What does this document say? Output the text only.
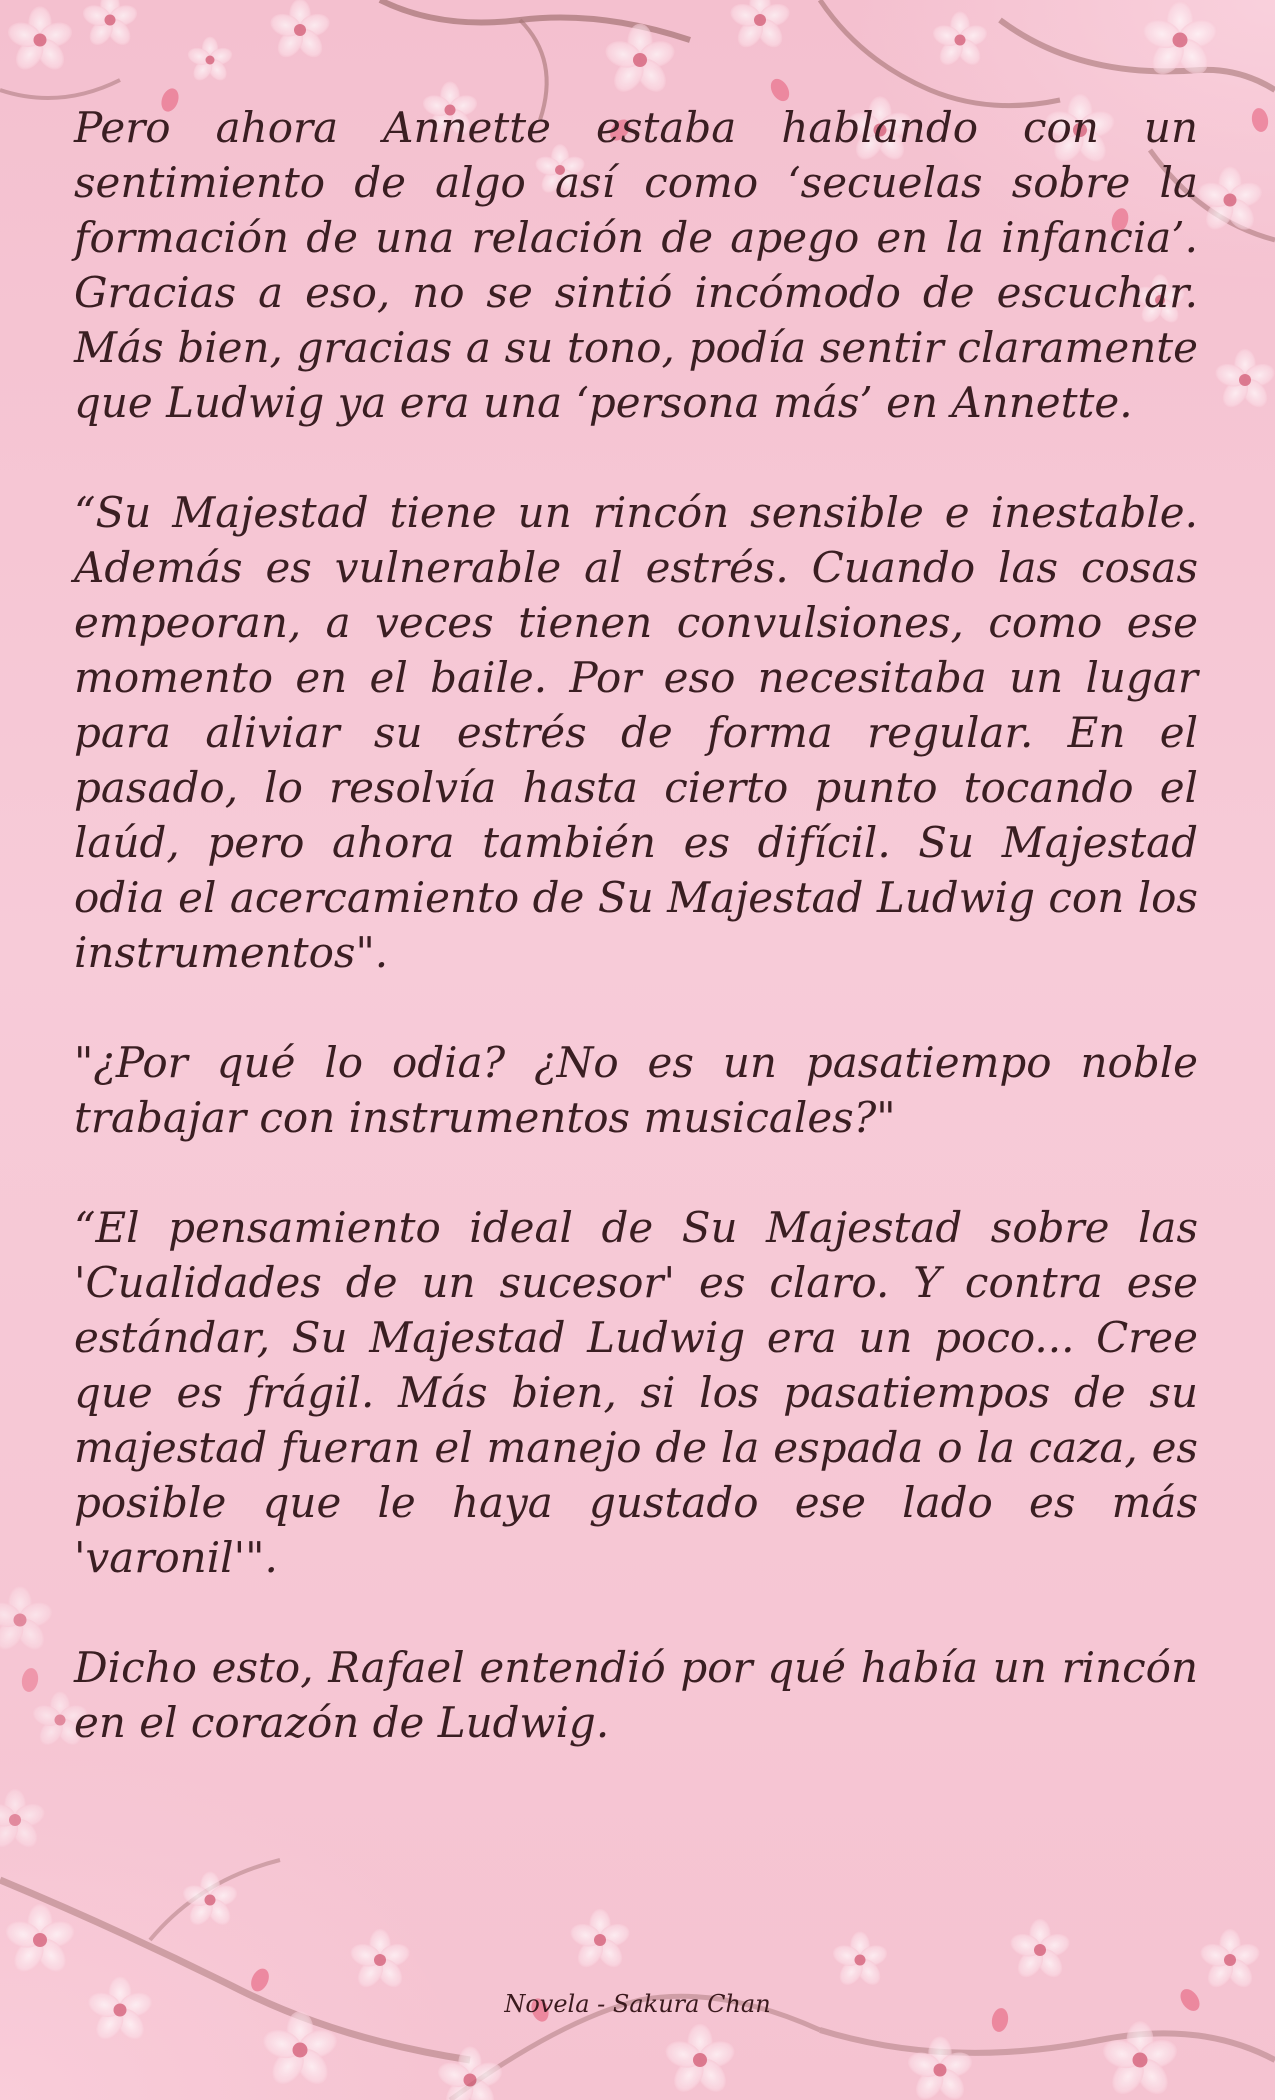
Pero ahora Annette estaba hablando con un sentimiento de algo así como ‘secuelas sobre la formación de una relación de apego en la infancia’. Gracias a eso, no se sintió incómodo de escuchar. Más bien, gracias a su tono, podía sentir claramente que Ludwig ya era una ‘persona más’ en Annette.

“Su Majestad tiene un rincón sensible e inestable. Además es vulnerable al estrés. Cuando las cosas empeoran, a veces tienen convulsiones, como ese momento en el baile. Por eso necesitaba un lugar para aliviar su estrés de forma regular. En el pasado, lo resolvía hasta cierto punto tocando el laúd, pero ahora también es difícil. Su Majestad odia el acercamiento de Su Majestad Ludwig con los instrumentos".

"¿Por qué lo odia? ¿No es un pasatiempo noble trabajar con instrumentos musicales?"

“El pensamiento ideal de Su Majestad sobre las 'Cualidades de un sucesor' es claro. Y contra ese estándar, Su Majestad Ludwig era un poco... Cree que es frágil. Más bien, si los pasatiempos de su majestad fueran el manejo de la espada o la caza, es posible que le haya gustado ese lado es más 'varonil'".

Dicho esto, Rafael entendió por qué había un rincón en el corazón de Ludwig.

Novela - Sakura Chan
